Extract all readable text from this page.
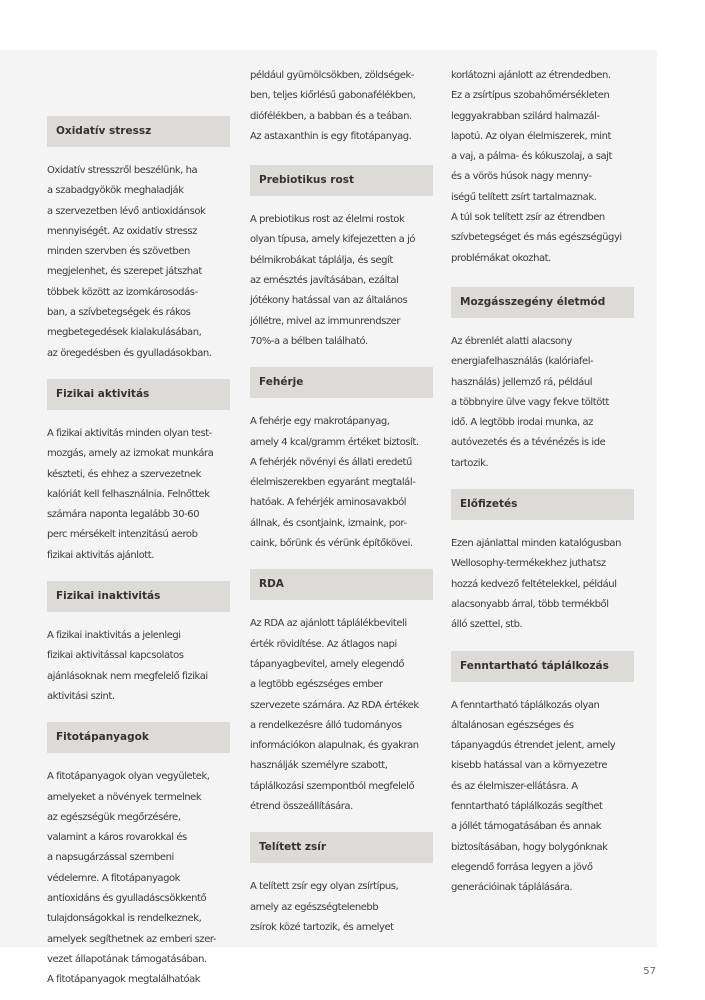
Oxidatív stressz

Oxidatív stresszről beszélünk, ha

a szabadgyökök meghaladják

a szervezetben lévő antioxidánsok

mennyiségét. Az oxidatív stressz

minden szervben és szövetben

megjelenhet, és szerepet játszhat

többek között az izomkárosodás-

ban, a szívbetegségek és rákos

megbetegedések kialakulásában,

az öregedésben és gyulladásokban.

Fizikai aktivitás

A fizikai aktivitás minden olyan test-

mozgás, amely az izmokat munkára

készteti, és ehhez a szervezetnek

kalóriát kell felhasználnia. Felnőttek

számára naponta legalább 30-60

perc mérsékelt intenzitású aerob

fizikai aktivitás ajánlott.

Fizikai inaktivitás

A fizikai inaktivitás a jelenlegi

fizikai aktivitással kapcsolatos

ajánlásoknak nem megfelelő fizikai

aktivitási szint.

Fitotápanyagok

A fitotápanyagok olyan vegyületek,

amelyeket a növények termelnek

az egészségük megőrzésére,

valamint a káros rovarokkal és

a napsugárzással szembeni

védelemre. A fitotápanyagok

antioxidáns és gyulladáscsökkentő

tulajdonságokkal is rendelkeznek,

amelyek segíthetnek az emberi szer-

vezet állapotának támogatásában.

A fitotápanyagok megtalálhatóak

például gyümölcsökben, zöldségek-

ben, teljes kiőrlésű gabonafélékben,

diófélékben, a babban és a teában.

Az astaxanthin is egy fitotápanyag.

Prebiotikus rost

A prebiotikus rost az élelmi rostok

olyan típusa, amely kifejezetten a jó

bélmikrobákat táplálja, és segít

az emésztés javításában, ezáltal

jótékony hatással van az általános

jóllétre, mivel az immunrendszer

70%-a a bélben található.

Fehérje

A fehérje egy makrotápanyag,

amely 4 kcal/gramm értéket biztosít.

A fehérjék növényi és állati eredetű

élelmiszerekben egyaránt megtalál-

hatóak. A fehérjék aminosavakból

állnak, és csontjaink, izmaink, por-

caink, bőrünk és vérünk építőkövei.

RDA

Az RDA az ajánlott táplálékbeviteli

érték rövidítése. Az átlagos napi

tápanyagbevitel, amely elegendő

a legtöbb egészséges ember

szervezete számára. Az RDA értékek

a rendelkezésre álló tudományos

információkon alapulnak, és gyakran

használják személyre szabott,

táplálkozási szempontból megfelelő

étrend összeállítására.

Telített zsír

A telített zsír egy olyan zsírtípus,

amely az egészségtelenebb

zsírok közé tartozik, és amelyet

korlátozni ajánlott az étrendedben.

Ez a zsírtípus szobahőmérsékleten

leggyakrabban szilárd halmazál-

lapotú. Az olyan élelmiszerek, mint

a vaj, a pálma- és kókuszolaj, a sajt

és a vörös húsok nagy menny-

iségű telített zsírt tartalmaznak.

A túl sok telített zsír az étrendben

szívbetegséget és más egészségügyi

problémákat okozhat.

Mozgásszegény életmód

Az ébrenlét alatti alacsony

energiafelhasználás (kalóriafel-

használás) jellemző rá, például

a többnyire ülve vagy fekve töltött

idő. A legtöbb irodai munka, az

autóvezetés és a tévénézés is ide

tartozik.

Előfizetés

Ezen ajánlattal minden katalógusban

Wellosophy-termékekhez juthatsz

hozzá kedvező feltételekkel, például

alacsonyabb árral, több termékből

álló szettel, stb.

Fenntartható táplálkozás

A fenntartható táplálkozás olyan

általánosan egészséges és

tápanyagdús étrendet jelent, amely

kisebb hatással van a környezetre

és az élelmiszer-ellátásra. A

fenntartható táplálkozás segíthet

a jóllét támogatásában és annak

biztosításában, hogy bolygónknak

elegendő forrása legyen a jövő

generációinak táplálására.

57
